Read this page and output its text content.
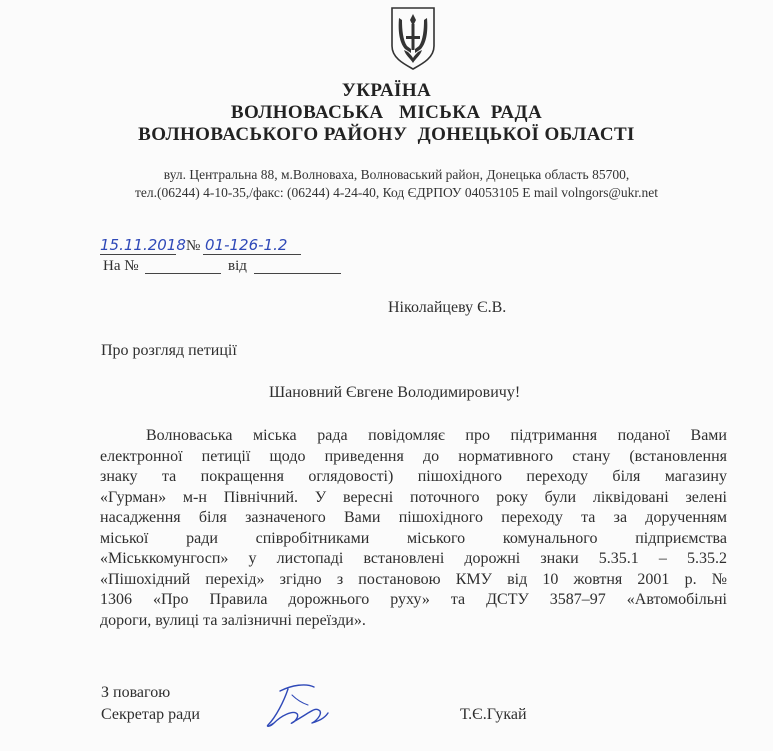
УКРАЇНА
ВОЛНОВАСЬКА   МІСЬКА  РАДА
ВОЛНОВАСЬКОГО РАЙОНУ  ДОНЕЦЬКОЇ ОБЛАСТІ
вул. Центральна 88, м.Волноваха, Волноваський район, Донецька область 85700,
тел.(06244) 4-10-35,/факс: (06244) 4-24-40, Код ЄДРПОУ 04053105 E mail volngors@ukr.net
15.11.2018 № 01-126-1.2
На №	від
Ніколайцеву Є.В.
Про розгляд петиції
Шановний Євгене Володимировичу!
Волноваська міська рада повідомляє про підтримання поданої Вами
електронної петиції щодо приведення до нормативного стану (встановлення
знаку та покращення оглядовості) пішохідного переходу біля магазину
«Гурман» м-н Північний. У вересні поточного року були ліквідовані зелені
насадження біля зазначеного Вами пішохідного переходу та за дорученням
міської ради співробітниками міського комунального підприємства
«Міськкомунгосп» у листопаді встановлені дорожні знаки 5.35.1 – 5.35.2
«Пішохідний перехід» згідно з постановою КМУ від 10 жовтня 2001 р. №
1306 «Про Правила дорожнього руху» та ДСТУ 3587–97 «Автомобільні
дороги, вулиці та залізничні переїзди».
З повагою
Секретар ради	Т.Є.Гукай
